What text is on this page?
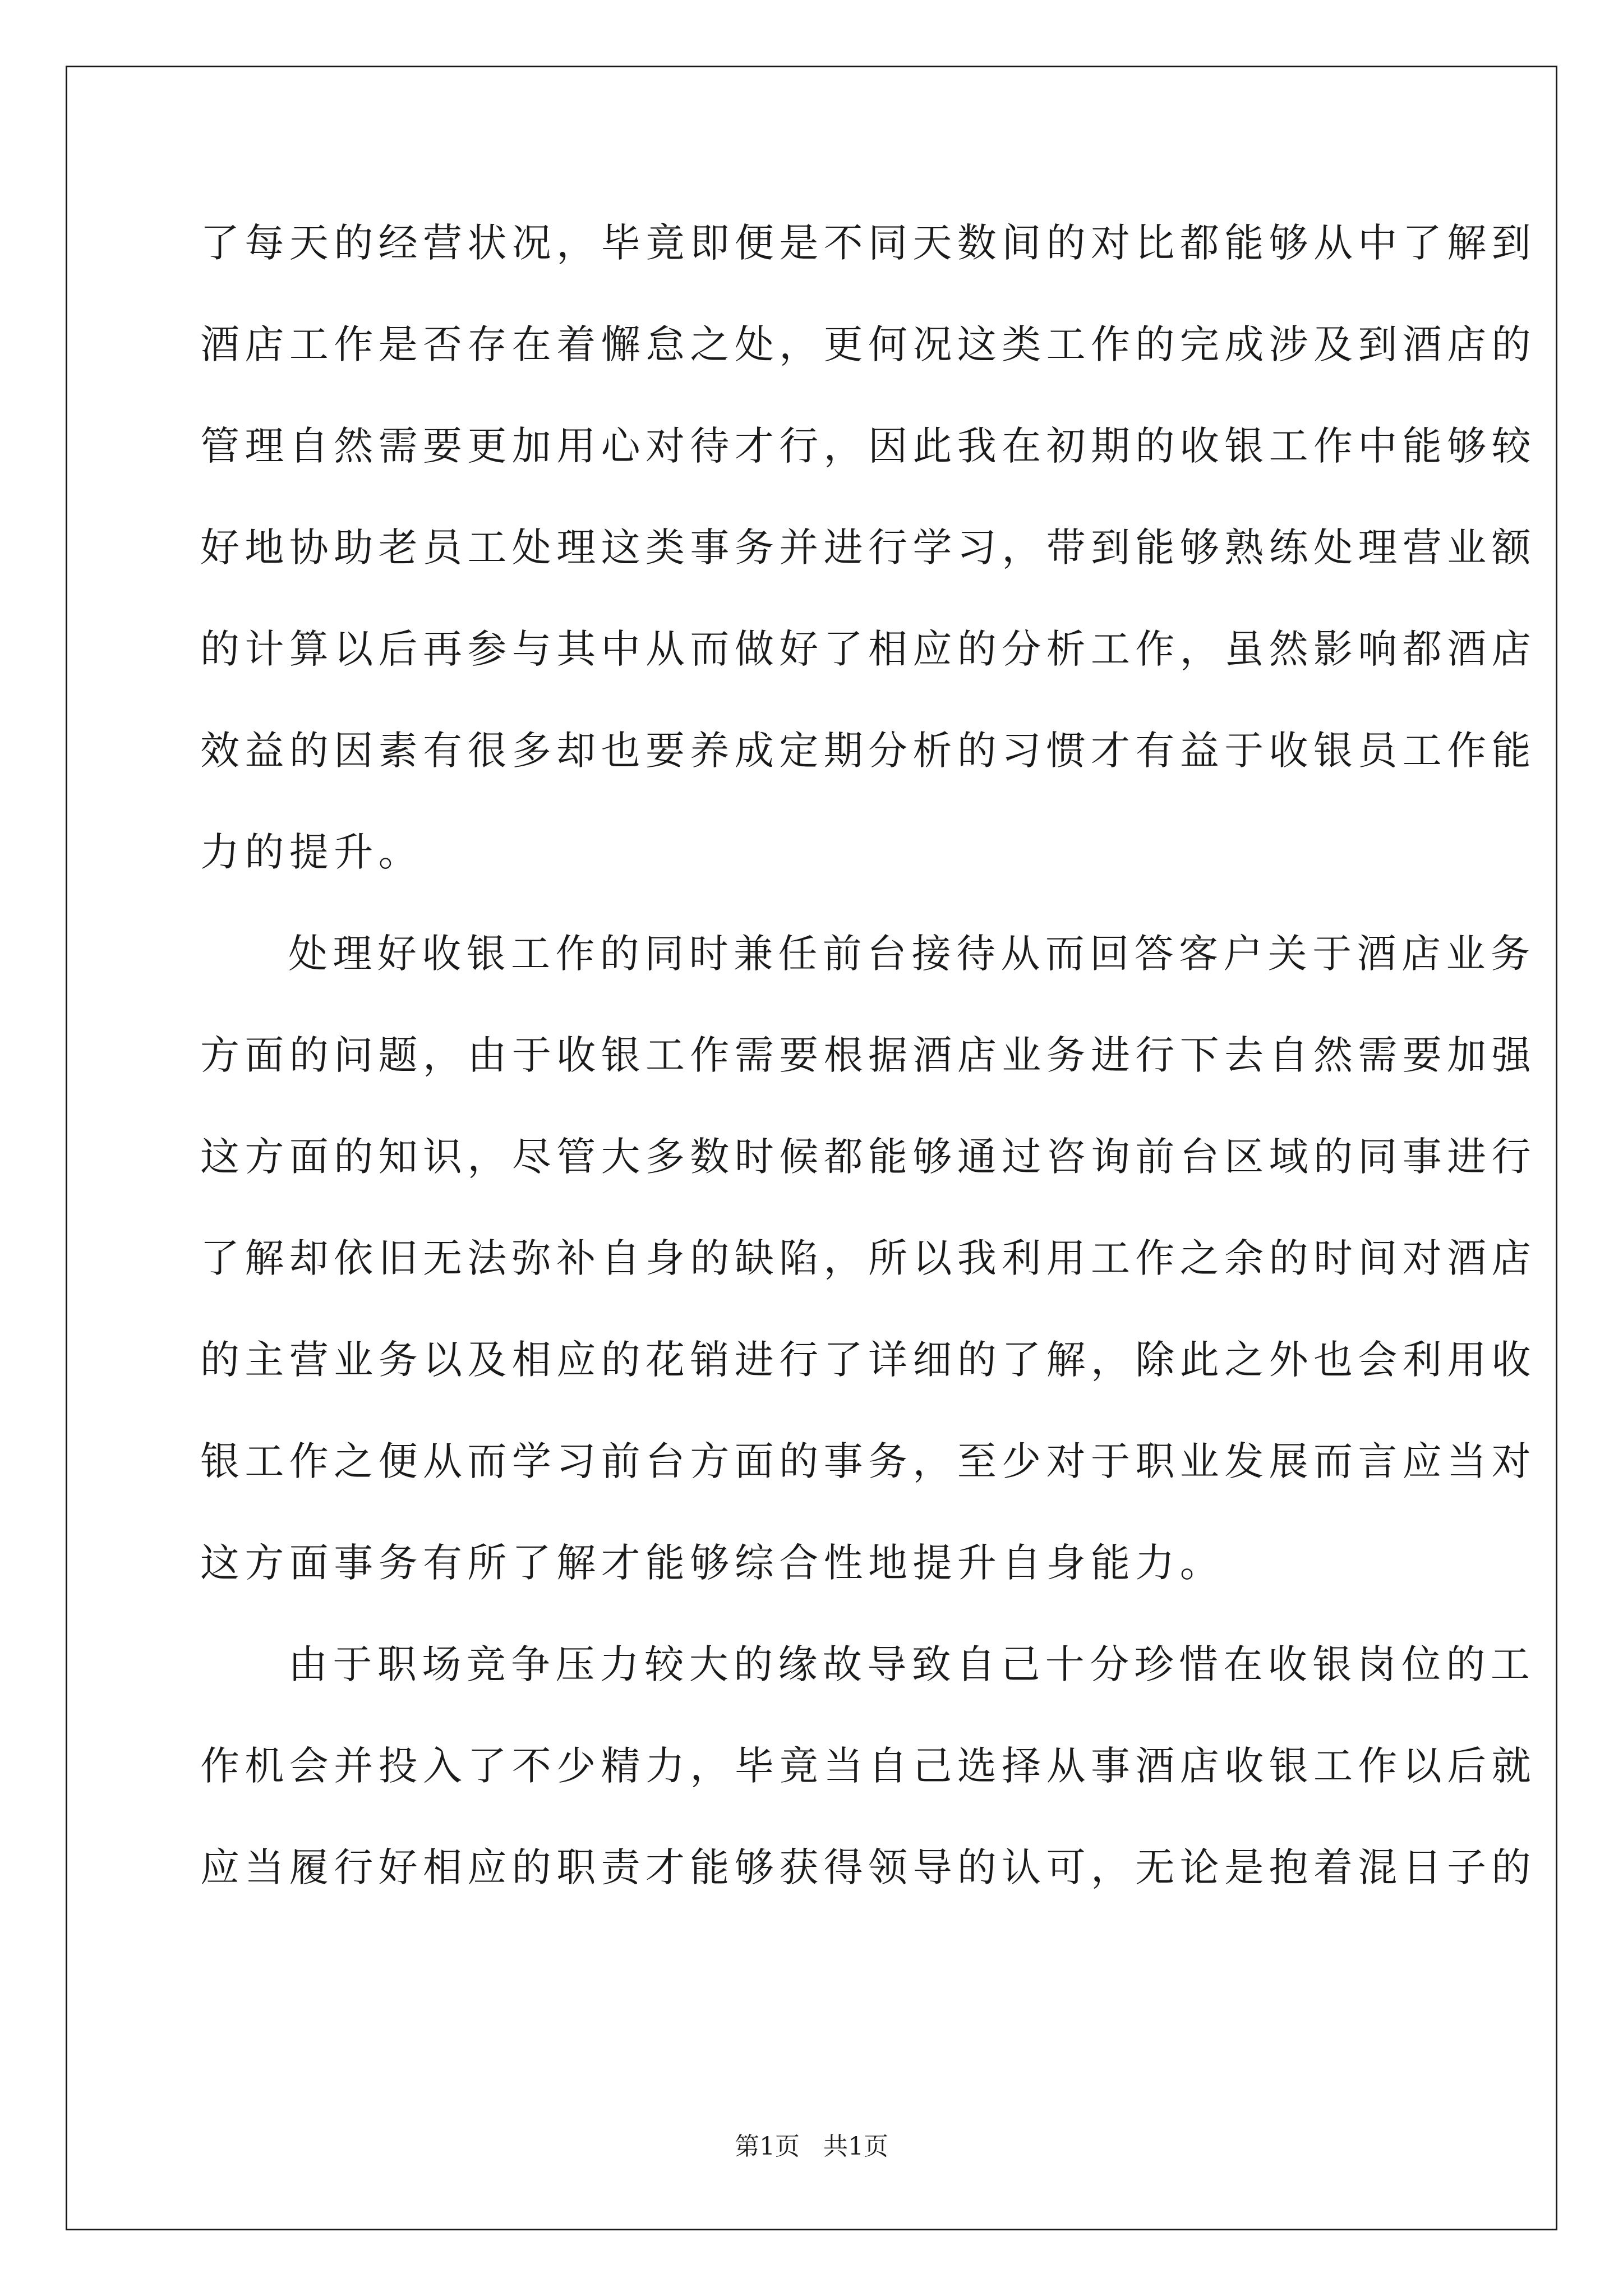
了每天的经营状况，毕竟即便是不同天数间的对比都能够从中了解到
酒店工作是否存在着懈怠之处，更何况这类工作的完成涉及到酒店的
管理自然需要更加用心对待才行，因此我在初期的收银工作中能够较
好地协助老员工处理这类事务并进行学习，带到能够熟练处理营业额
的计算以后再参与其中从而做好了相应的分析工作，虽然影响都酒店
效益的因素有很多却也要养成定期分析的习惯才有益于收银员工作能
力的提升。
处理好收银工作的同时兼任前台接待从而回答客户关于酒店业务
方面的问题，由于收银工作需要根据酒店业务进行下去自然需要加强
这方面的知识，尽管大多数时候都能够通过咨询前台区域的同事进行
了解却依旧无法弥补自身的缺陷，所以我利用工作之余的时间对酒店
的主营业务以及相应的花销进行了详细的了解，除此之外也会利用收
银工作之便从而学习前台方面的事务，至少对于职业发展而言应当对
这方面事务有所了解才能够综合性地提升自身能力。
由于职场竞争压力较大的缘故导致自己十分珍惜在收银岗位的工
作机会并投入了不少精力，毕竟当自己选择从事酒店收银工作以后就
应当履行好相应的职责才能够获得领导的认可，无论是抱着混日子的
第1页   共1页
